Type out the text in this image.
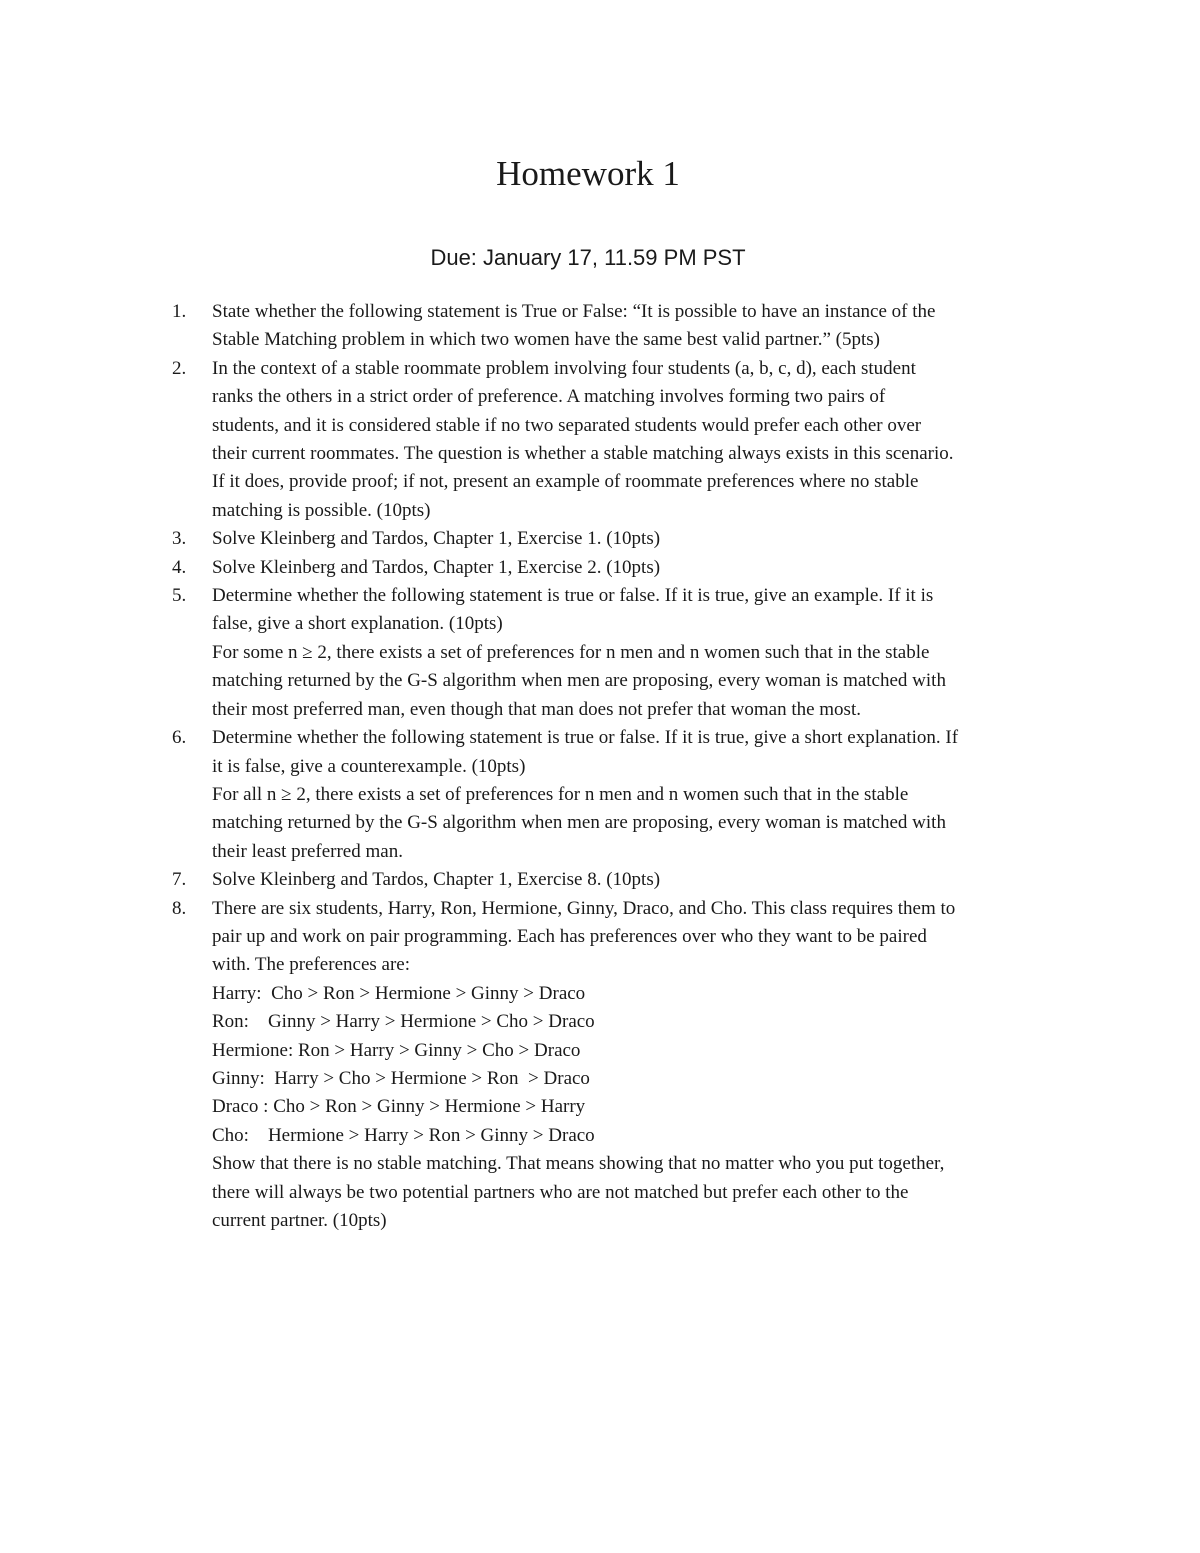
Homework 1
Due: January 17, 11.59 PM PST
1.	State whether the following statement is True or False: “It is possible to have an instance of the
Stable Matching problem in which two women have the same best valid partner.” (5pts)
2.	In the context of a stable roommate problem involving four students (a, b, c, d), each student
ranks the others in a strict order of preference. A matching involves forming two pairs of
students, and it is considered stable if no two separated students would prefer each other over
their current roommates. The question is whether a stable matching always exists in this scenario.
If it does, provide proof; if not, present an example of roommate preferences where no stable
matching is possible. (10pts)
3.	Solve Kleinberg and Tardos, Chapter 1, Exercise 1. (10pts)
4.	Solve Kleinberg and Tardos, Chapter 1, Exercise 2. (10pts)
5.	Determine whether the following statement is true or false. If it is true, give an example. If it is
false, give a short explanation. (10pts)
For some n ≥ 2, there exists a set of preferences for n men and n women such that in the stable
matching returned by the G-S algorithm when men are proposing, every woman is matched with
their most preferred man, even though that man does not prefer that woman the most.
6.	Determine whether the following statement is true or false. If it is true, give a short explanation. If
it is false, give a counterexample. (10pts)
For all n ≥ 2, there exists a set of preferences for n men and n women such that in the stable
matching returned by the G-S algorithm when men are proposing, every woman is matched with
their least preferred man.
7.	Solve Kleinberg and Tardos, Chapter 1, Exercise 8. (10pts)
8.	There are six students, Harry, Ron, Hermione, Ginny, Draco, and Cho. This class requires them to
pair up and work on pair programming. Each has preferences over who they want to be paired
with. The preferences are:
Harry:  Cho > Ron > Hermione > Ginny > Draco
Ron:    Ginny > Harry > Hermione > Cho > Draco
Hermione: Ron > Harry > Ginny > Cho > Draco
Ginny:  Harry > Cho > Hermione > Ron  > Draco
Draco : Cho > Ron > Ginny > Hermione > Harry
Cho:    Hermione > Harry > Ron > Ginny > Draco
Show that there is no stable matching. That means showing that no matter who you put together,
there will always be two potential partners who are not matched but prefer each other to the
current partner. (10pts)
